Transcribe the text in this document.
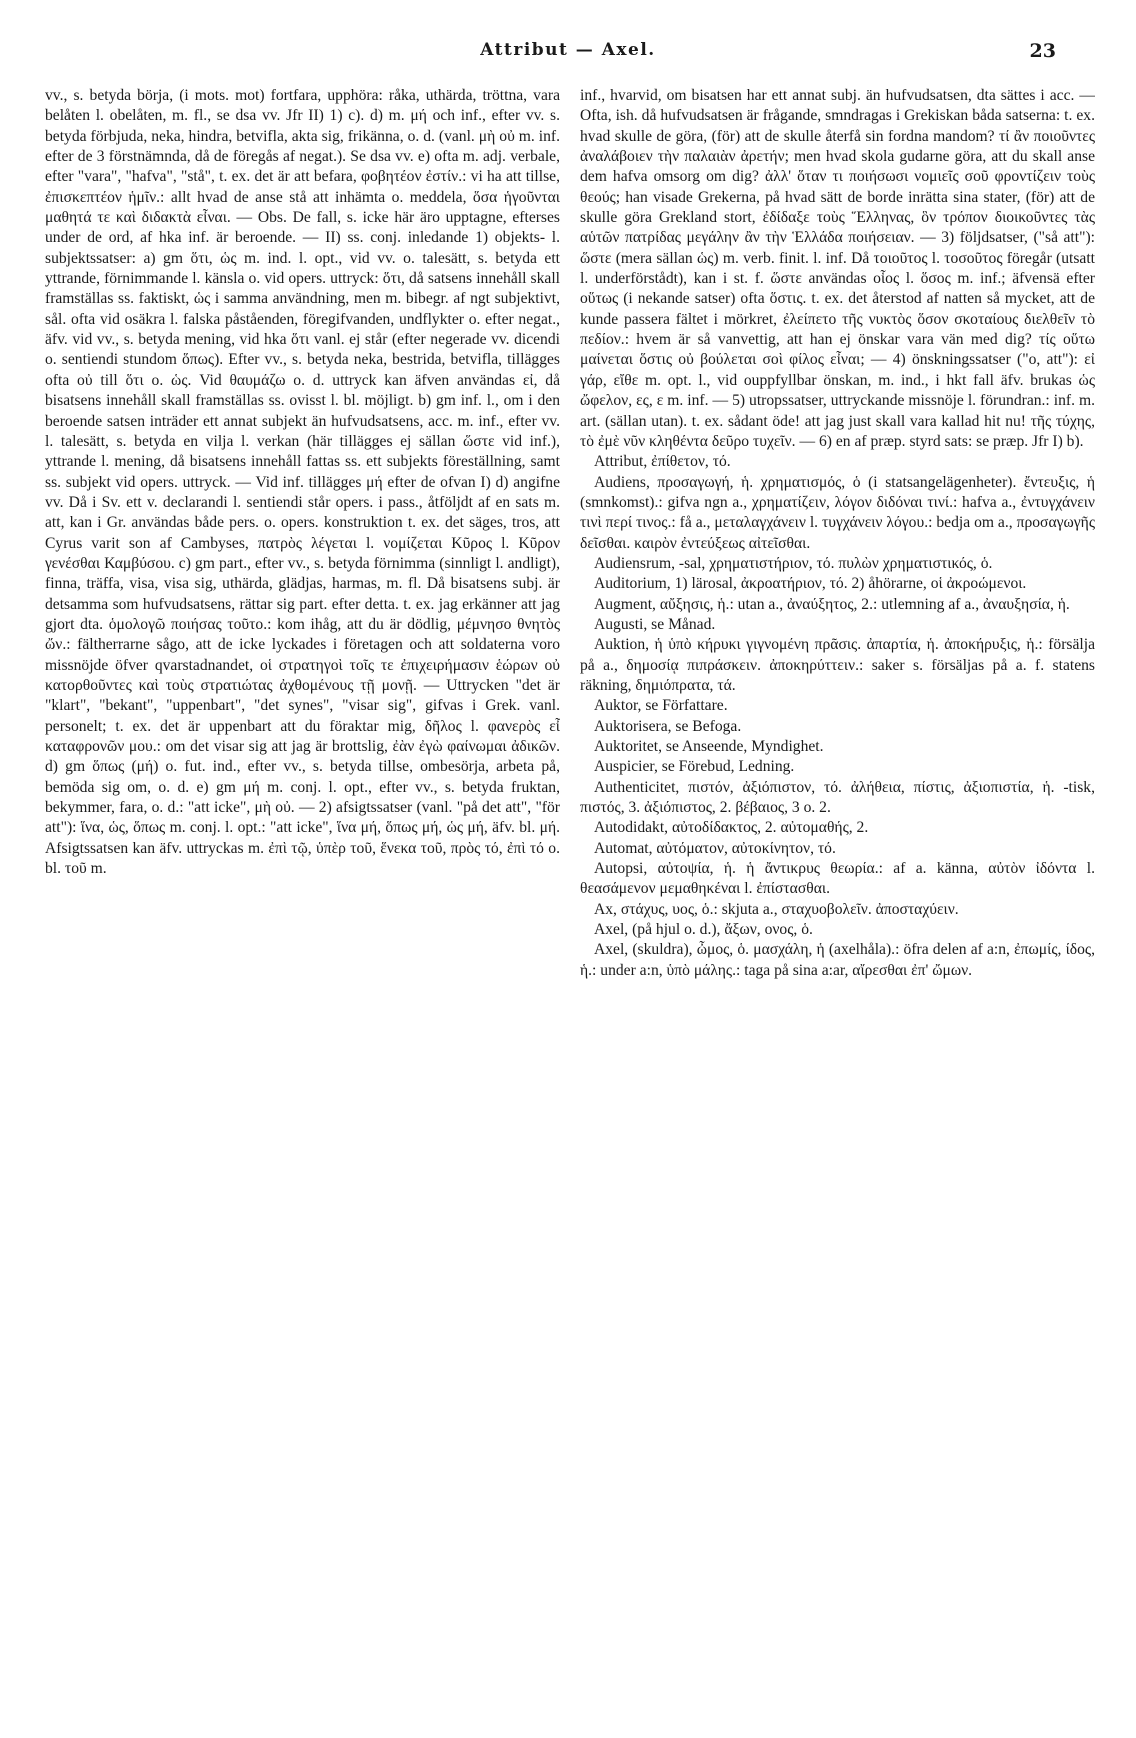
Attribut — Axel.	23

vv., s. betyda börja, (i mots. mot) fortfara, upphöra: råka, uthärda, tröttna, vara belåten l. obelåten, m. fl., se dsa vv. Jfr II) 1) c). d) m. μή och inf., efter vv. s. betyda förbjuda, neka, hindra, betvifla, akta sig, frikänna, o. d. (vanl. μὴ οὐ m. inf. efter de 3 förstnämnda, då de föregås af negat.). Se dsa vv. e) ofta m. adj. verbale, efter "vara", "hafva", "stå", t. ex. det är att befara, φοβητέον ἐστίν.: vi ha att tillse, ἐπισκεπτέον ἡμῖν.: allt hvad de anse stå att inhämta o. meddela, ὅσα ἡγοῦνται μαθητά τε καὶ διδακτὰ εἶναι. — Obs. De fall, s. icke här äro upptagne, efterses under de ord, af hka inf. är beroende. — II) ss. conj. inledande 1) objekts- l. subjektssatser: a) gm ὅτι, ὡς m. ind. l. opt., vid vv. o. talesätt, s. betyda ett yttrande, förnimmande l. känsla o. vid opers. uttryck: ὅτι, då satsens innehåll skall framställas ss. faktiskt, ὡς i samma användning, men m. bibegr. af ngt subjektivt, sål. ofta vid osäkra l. falska påståenden, föregifvanden, undflykter o. efter negat., äfv. vid vv., s. betyda mening, vid hka ὅτι vanl. ej står (efter negerade vv. dicendi o. sentiendi stundom ὅπως). Efter vv., s. betyda neka, bestrida, betvifla, tillägges ofta οὐ till ὅτι o. ὡς. Vid θαυμάζω o. d. uttryck kan äfven användas εἰ, då bisatsens innehåll skall framställas ss. ovisst l. bl. möjligt. b) gm inf. l., om i den beroende satsen inträder ett annat subjekt än hufvudsatsens, acc. m. inf., efter vv. l. talesätt, s. betyda en vilja l. verkan (här tillägges ej sällan ὥστε vid inf.), yttrande l. mening, då bisatsens innehåll fattas ss. ett subjekts föreställning, samt ss. subjekt vid opers. uttryck. — Vid inf. tillägges μή efter de ofvan I) d) angifne vv. Då i Sv. ett v. declarandi l. sentiendi står opers. i pass., åtföljdt af en sats m. att, kan i Gr. användas både pers. o. opers. konstruktion t. ex. det säges, tros, att Cyrus varit son af Cambyses, πατρὸς λέγεται l. νομίζεται Κῦρος l. Κῦρον γενέσθαι Καμβύσου. c) gm part., efter vv., s. betyda förnimma (sinnligt l. andligt), finna, träffa, visa, visa sig, uthärda, glädjas, harmas, m. fl. Då bisatsens subj. är detsamma som hufvudsatsens, rättar sig part. efter detta. t. ex. jag erkänner att jag gjort dta. ὁμολογῶ ποιήσας τοῦτο.: kom ihåg, att du är dödlig, μέμνησο θνητὸς ὤν.: fältherrarne sågo, att de icke lyckades i företagen och att soldaterna voro missnöjde öfver qvarstadnandet, οἱ στρατηγοὶ τοῖς τε ἐπιχειρήμασιν ἑώρων οὐ κατορθοῦντες καὶ τοὺς στρατιώτας ἀχθομένους τῇ μονῇ. — Uttrycken "det är "klart", "bekant", "uppenbart", "det synes", "visar sig", gifvas i Grek. vanl. personelt; t. ex. det är uppenbart att du föraktar mig, δῆλος l. φανερὸς εἶ καταφρονῶν μου.: om det visar sig att jag är brottslig, ἐὰν ἐγὼ φαίνωμαι ἀδικῶν. d) gm ὅπως (μή) o. fut. ind., efter vv., s. betyda tillse, ombesörja, arbeta på, bemöda sig om, o. d. e) gm μή m. conj. l. opt., efter vv., s. betyda fruktan, bekymmer, fara, o. d.: "att icke", μὴ οὐ. — 2) afsigtssatser (vanl. "på det att", "för att"): ἵνα, ὡς, ὅπως m. conj. l. opt.: "att icke", ἵνα μή, ὅπως μή, ὡς μή, äfv. bl. μή. Afsigtssatsen kan äfv. uttryckas m. ἐπὶ τῷ, ὑπὲρ τοῦ, ἕνεκα τοῦ, πρὸς τό, ἐπὶ τό o. bl. τοῦ m.

inf., hvarvid, om bisatsen har ett annat subj. än hufvudsatsen, dta sättes i acc. — Ofta, ish. då hufvudsatsen är frågande, smndragas i Grekiskan båda satserna: t. ex. hvad skulle de göra, (för) att de skulle återfå sin fordna mandom? τί ἂν ποιοῦντες ἀναλάβοιεν τὴν παλαιὰν ἀρετήν; men hvad skola gudarne göra, att du skall anse dem hafva omsorg om dig? ἀλλ' ὅταν τι ποιήσωσι νομιεῖς σοῦ φροντίζειν τοὺς θεούς; han visade Grekerna, på hvad sätt de borde inrätta sina stater, (för) att de skulle göra Grekland stort, ἐδίδαξε τοὺς Ἕλληνας, ὃν τρόπον διοικοῦντες τὰς αὑτῶν πατρίδας μεγάλην ἂν τὴν Ἑλλάδα ποιήσειαν. — 3) följdsatser, ("så att"): ὥστε (mera sällan ὡς) m. verb. finit. l. inf. Då τοιοῦτος l. τοσοῦτος föregår (utsatt l. underförstådt), kan i st. f. ὥστε användas οἷος l. ὅσος m. inf.; äfvensä efter οὕτως (i nekande satser) ofta ὅστις. t. ex. det återstod af natten så mycket, att de kunde passera fältet i mörkret, ἐλείπετο τῆς νυκτὸς ὅσον σκοταίους διελθεῖν τὸ πεδίον.: hvem är så vanvettig, att han ej önskar vara vän med dig? τίς οὕτω μαίνεται ὅστις οὐ βούλεται σοὶ φίλος εἶναι; — 4) önskningssatser ("o, att"): εἰ γάρ, εἴθε m. opt. l., vid ouppfyllbar önskan, m. ind., i hkt fall äfv. brukas ὡς ὤφελον, ες, ε m. inf. — 5) utropssatser, uttryckande missnöje l. förundran.: inf. m. art. (sällan utan). t. ex. sådant öde! att jag just skall vara kallad hit nu! τῆς τύχης, τὸ ἐμὲ νῦν κληθέντα δεῦρο τυχεῖν. — 6) en af præp. styrd sats: se præp. Jfr I) b).

Attribut, ἐπίθετον, τό.

Audiens, προσαγωγή, ἡ. χρηματισμός, ὁ (i statsangelägenheter). ἔντευξις, ἡ (smnkomst).: gifva ngn a., χρηματίζειν, λόγον διδόναι τινί.: hafva a., ἐντυγχάνειν τινὶ περί τινος.: få a., μεταλαγχάνειν l. τυγχάνειν λόγου.: bedja om a., προσαγωγῆς δεῖσθαι. καιρὸν ἐντεύξεως αἰτεῖσθαι.

Audiensrum, -sal, χρηματιστήριον, τό. πυλὼν χρηματιστικός, ὁ.

Auditorium, 1) lärosal, ἀκροατήριον, τό. 2) åhörarne, οἱ ἀκροώμενοι.

Augment, αὔξησις, ἡ.: utan a., ἀναύξητος, 2.: utlemning af a., ἀναυξησία, ἡ.

Augusti, se Månad.

Auktion, ἡ ὑπὸ κήρυκι γιγνομένη πρᾶσις. ἀπαρτία, ἡ. ἀποκήρυξις, ἡ.: försälja på a., δημοσίᾳ πιπράσκειν. ἀποκηρύττειν.: saker s. försäljas på a. f. statens räkning, δημιόπρατα, τά.

Auktor, se Författare.

Auktorisera, se Befoga.

Auktoritet, se Anseende, Myndighet.

Auspicier, se Förebud, Ledning.

Authenticitet, πιστόν, ἀξιόπιστον, τό. ἀλήθεια, πίστις, ἀξιοπιστία, ἡ. -tisk, πιστός, 3. ἀξιόπιστος, 2. βέβαιος, 3 o. 2.

Autodidakt, αὐτοδίδακτος, 2. αὐτομαθής, 2.

Automat, αὐτόματον, αὐτοκίνητον, τό.

Autopsi, αὐτοψία, ἡ. ἡ ἄντικρυς θεωρία.: af a. känna, αὐτὸν ἰδόντα l. θεασάμενον μεμαθηκέναι l. ἐπίστασθαι.

Ax, στάχυς, υος, ὁ.: skjuta a., σταχυοβολεῖν. ἀποσταχύειν.

Axel, (på hjul o. d.), ἄξων, ονος, ὁ.

Axel, (skuldra), ὦμος, ὁ. μασχάλη, ἡ (axelhåla).: öfra delen af a:n, ἐπωμίς, ίδος, ἡ.: under a:n, ὑπὸ μάλης.: taga på sina a:ar, αἴρεσθαι ἐπ' ὤμων.
